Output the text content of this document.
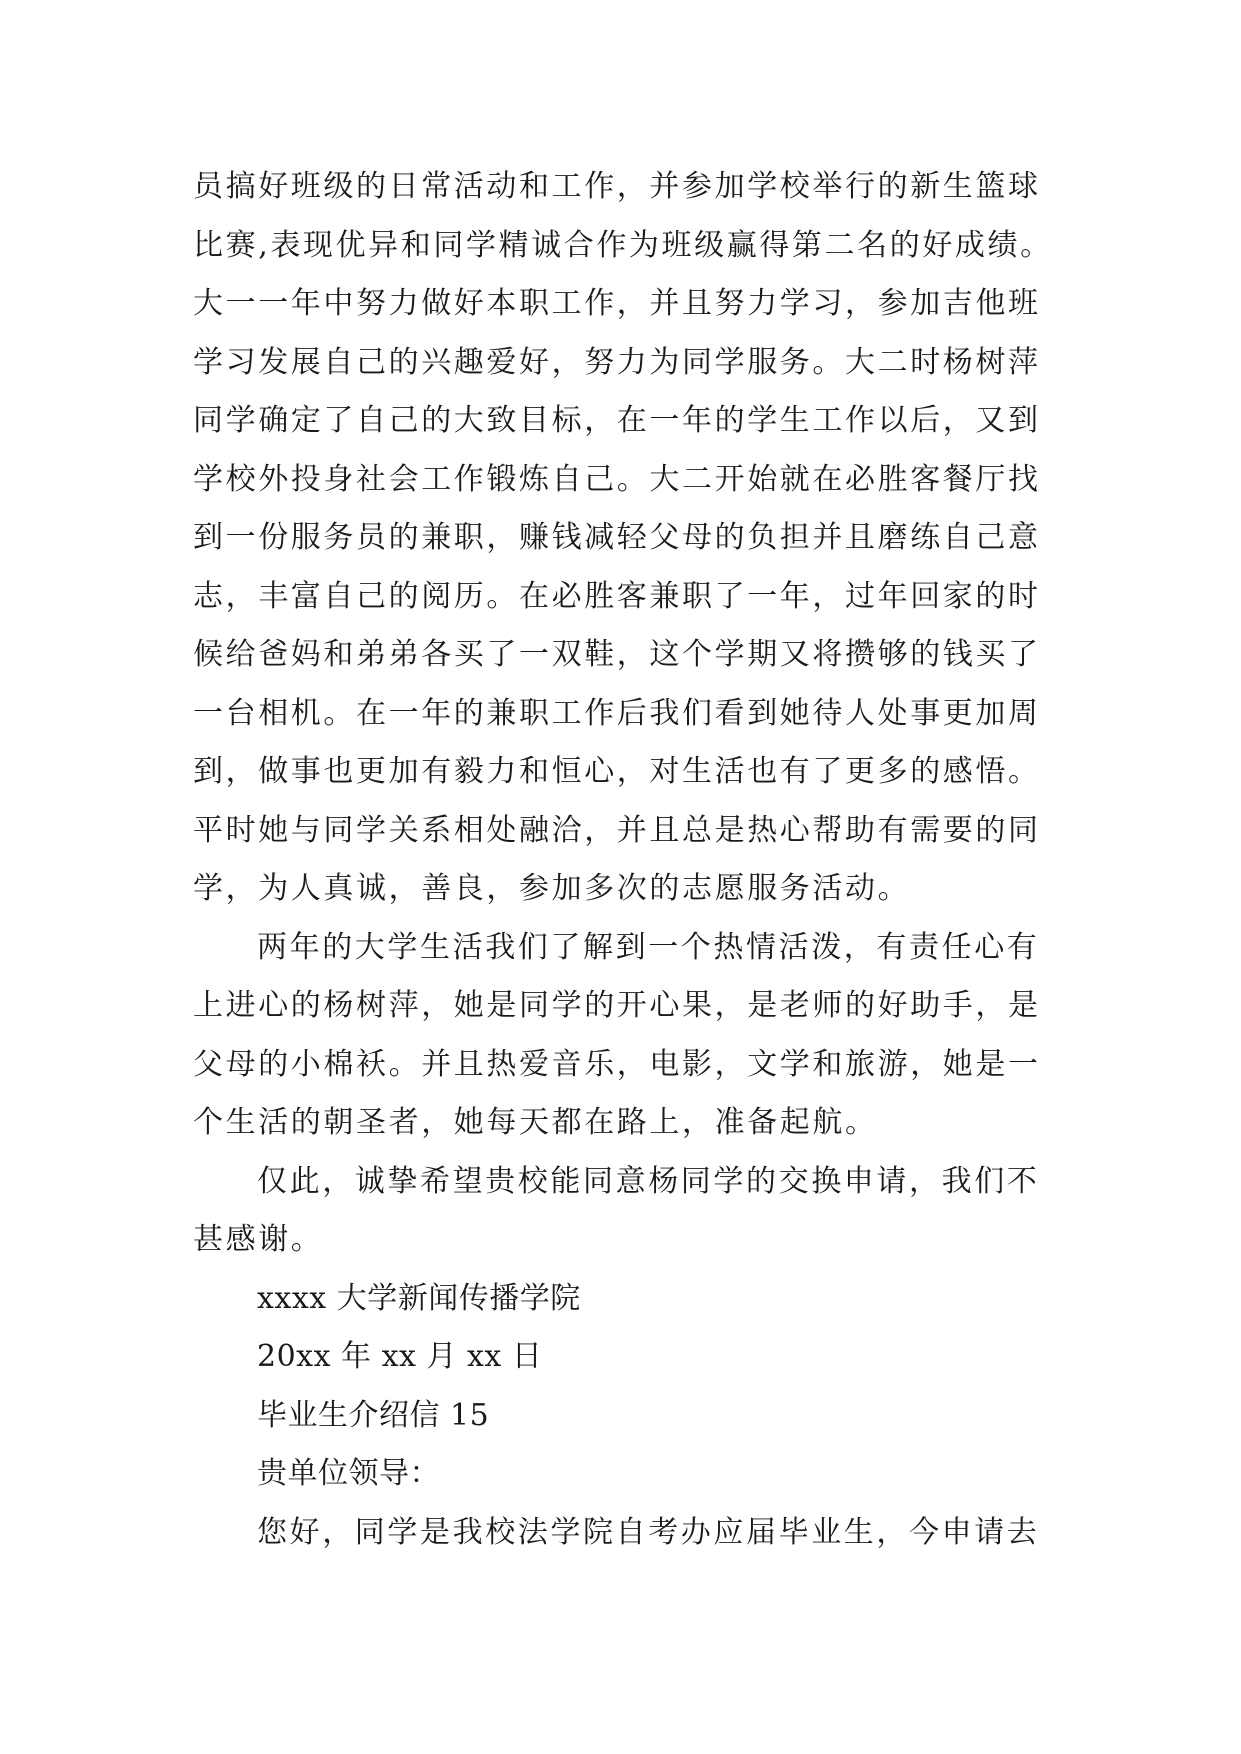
员搞好班级的日常活动和工作，并参加学校举行的新生篮球
比赛,表现优异和同学精诚合作为班级赢得第二名的好成绩。
大一一年中努力做好本职工作，并且努力学习，参加吉他班
学习发展自己的兴趣爱好，努力为同学服务。大二时杨树萍
同学确定了自己的大致目标，在一年的学生工作以后，又到
学校外投身社会工作锻炼自己。大二开始就在必胜客餐厅找
到一份服务员的兼职，赚钱减轻父母的负担并且磨练自己意
志，丰富自己的阅历。在必胜客兼职了一年，过年回家的时
候给爸妈和弟弟各买了一双鞋，这个学期又将攒够的钱买了
一台相机。在一年的兼职工作后我们看到她待人处事更加周
到，做事也更加有毅力和恒心，对生活也有了更多的感悟。
平时她与同学关系相处融洽，并且总是热心帮助有需要的同
学，为人真诚，善良，参加多次的志愿服务活动。
两年的大学生活我们了解到一个热情活泼，有责任心有
上进心的杨树萍，她是同学的开心果，是老师的好助手，是
父母的小棉袄。并且热爱音乐，电影，文学和旅游，她是一
个生活的朝圣者，她每天都在路上，准备起航。
仅此，诚挚希望贵校能同意杨同学的交换申请，我们不
甚感谢。
xxxx 大学新闻传播学院
20xx 年 xx 月 xx 日
毕业生介绍信 15
贵单位领导：
您好，同学是我校法学院自考办应届毕业生，今申请去
